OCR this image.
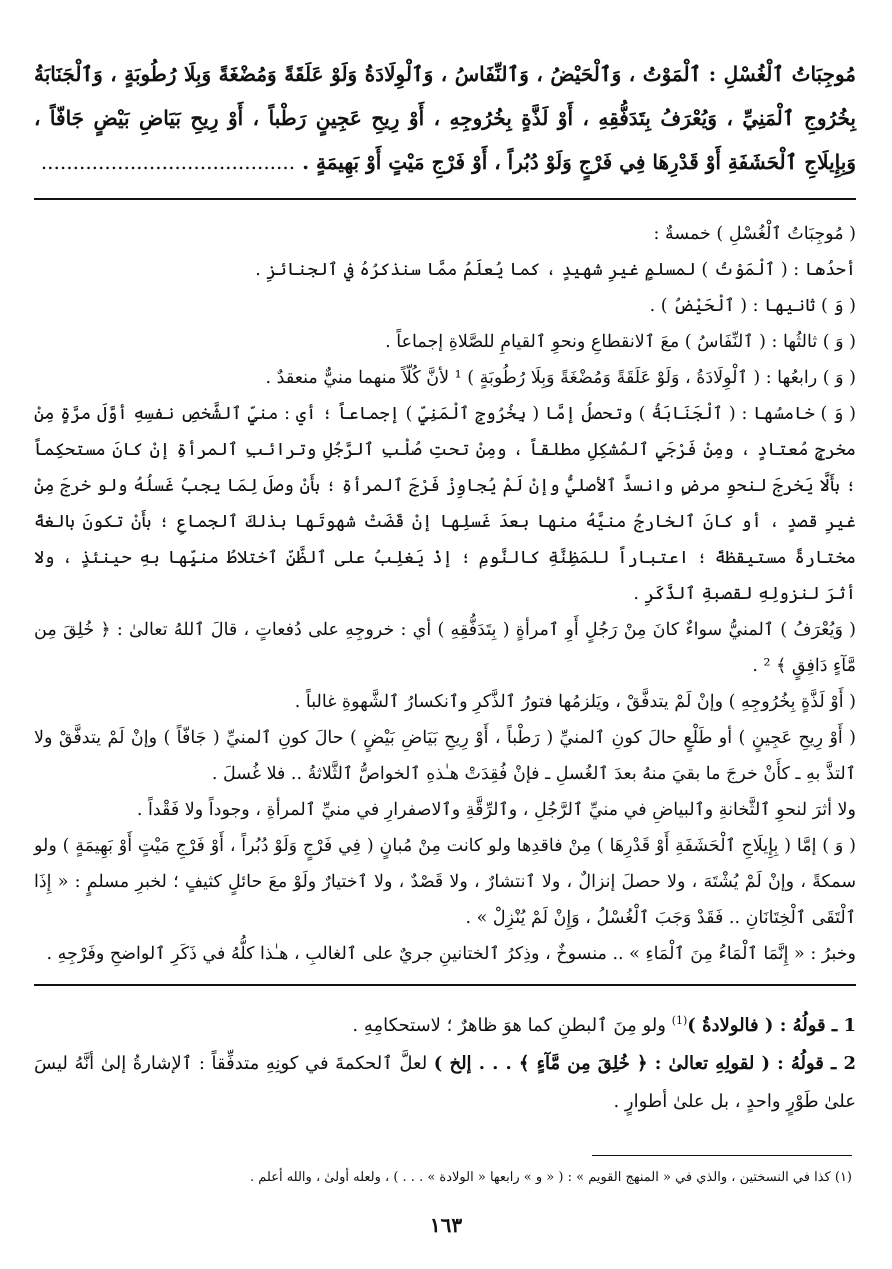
مُوجِبَاتُ ٱلْغُسْلِ : ٱلْمَوْتُ ، وَٱلْحَيْضُ ، وَٱلنِّفَاسُ ، وَٱلْوِلَادَةُ وَلَوْ عَلَقَةً وَمُضْغَةً وَبِلَا رُطُوبَةٍ ، وَٱلْجَنَابَةُ بِخُرُوجِ ٱلْمَنِيِّ ، وَيُعْرَفُ بِتَدَفُّقِهِ ، أَوْ لَذَّةٍ بِخُرُوجِهِ ، أَوْ رِيحِ عَجِينٍ رَطْباً ، أَوْ رِيحِ بَيَاضِ بَيْضٍ جَافّاً ، وَبِإِيلَاجِ ٱلْحَشَفَةِ أَوْ قَدْرِهَا فِي فَرْجٍ وَلَوْ دُبُراً ، أَوْ فَرْجِ مَيْتٍ أَوْ بَهِيمَةٍ . ........................................

( مُوجِبَاتُ ٱلْغُسْلِ ) خمسةٌ :

أحدُها : ( ٱلْمَوْتُ ) لمسلمٍ غيرِ شهيدٍ ، كما يُعلَمُ ممَّا سنذكرُهُ في ٱلجنائزِ .

( وَ ) ثانيها : ( ٱلْحَيْضُ ) .

( وَ ) ثالثُها : ( ٱلنِّفَاسُ ) معَ ٱلانقطاعِ ونحوِ ٱلقيامِ للصَّلاةِ إجماعاً .

( وَ ) رابعُها : ( ٱلْوِلَادَةُ ، وَلَوْ عَلَقَةً وَمُضْغَةً وَبِلَا رُطُوبَةٍ ) ¹ لأنَّ كُلّاً منهما منيٌّ منعقدٌ .

( وَ ) خامسُها : ( ٱلْجَنَابَةُ ) وتحصلُ إمَّا ( بِخُرُوجِ ٱلْمَنِيِّ ) إجماعاً ؛ أي : منيِّ ٱلشَّخصِ نفسِهِ أوَّلَ مرَّةٍ مِنْ مخرجٍ مُعتادٍ ، ومِنْ فَرْجَيِ ٱلمُشكِلِ مطلقاً ، ومِنْ تحتِ صُلْبِ ٱلرَّجُلِ وترائبِ ٱلمرأةِ إنْ كانَ مستحكِماً ؛ بأَلَّا يَخرجَ لنحوِ مرضٍ وانسدَّ ٱلأصليُّ وإنْ لَمْ يُجاوِزْ فَرْجَ ٱلمرأةِ ؛ بأَنْ وصلَ لِمَا يجبُ غَسلُهُ ولو خرجَ مِنْ غيرِ قصدٍ ، أو كانَ ٱلخارجُ منيَّهُ منها بعدَ غَسلِها إنْ قَضَتْ شهوتَها بذلكَ ٱلجماعِ ؛ بأَنْ تكونَ بالغةً مختارةً مستيقظةً ؛ اعتباراً للمَظِنَّةِ كالنَّومِ ؛ إذْ يَغلِبُ على ٱلظَّنِّ ٱختلاطُ منيِّها بهِ حينئذٍ ، ولا أثرَ لنزولِهِ لقصبةِ ٱلذَّكَرِ .

( وَيُعْرَفُ ) ٱلمنيُّ سواءٌ كانَ مِنْ رَجُلٍ أَوِ ٱمرأةٍ ( بِتَدَفُّقِهِ ) أي : خروجِهِ على دُفعاتٍ ، قالَ ٱللهُ تعالىٰ : ﴿ خُلِقَ مِن مَّآءٍ دَافِقٍ ﴾ ² .

( أَوْ لَذَّةٍ بِخُرُوجِهِ ) وإنْ لَمْ يتدفَّقْ ، ويَلزمُها فتورُ ٱلذَّكرِ وٱنكسارُ ٱلشَّهوةِ غالباً .

( أَوْ رِيحِ عَجِينٍ ) أو طَلْعٍ حالَ كونِ ٱلمنيِّ ( رَطْباً ، أَوْ رِيحِ بَيَاضِ بَيْضٍ ) حالَ كونِ ٱلمنيِّ ( جَافّاً ) وإنْ لَمْ يتدفَّقْ ولا ٱلتذَّ بهِ ـ كأَنْ خرجَ ما بقيَ منهُ بعدَ ٱلغُسلِ ـ فإنْ فُقِدَتْ هـٰذهِ ٱلخواصُّ ٱلثَّلاثةُ .. فلا غُسلَ .

ولا أثرَ لنحوِ ٱلثَّخانةِ وٱلبياضِ في منيِّ ٱلرَّجُلِ ، وٱلرِّقَّةِ وٱلاصفرارِ في منيِّ ٱلمرأةِ ، وجوداً ولا فَقْداً .

( وَ ) إمَّا ( بِإِيلَاجِ ٱلْحَشَفَةِ أَوْ قَدْرِهَا ) مِنْ فاقدِها ولو كانت مِنْ مُبانٍ ( فِي فَرْجٍ وَلَوْ دُبُراً ، أَوْ فَرْجِ مَيْتٍ أَوْ بَهِيمَةٍ ) ولو سمكةً ، وإنْ لَمْ يُشْتَهَ ، ولا حصلَ إنزالٌ ، ولا ٱنتشارٌ ، ولا قَصْدٌ ، ولا ٱختيارٌ ولَوْ معَ حائلٍ كثيفٍ ؛ لخبرِ مسلمٍ : « إِذَا ٱلْتَقَى ٱلْخِتَانَانِ .. فَقَدْ وَجَبَ ٱلْغُسْلُ ، وَإِنْ لَمْ يُنْزِلْ » .

وخبرُ : « إِنَّمَا ٱلْمَاءُ مِنَ ٱلْمَاءِ » .. منسوخٌ ، وذِكرُ ٱلختانينِ جريٌ على ٱلغالبِ ، هـٰذا كلُّهُ في ذَكَرِ ٱلواضحِ وفَرْجِهِ .

1 ـ قولُهُ : ( فالولادةُ )$^{(1)}$ ولو مِنَ ٱلبطنِ كما هوَ ظاهرٌ ؛ لاستحكامِهِ .

2 ـ قولُهُ : ( لقولِهِ تعالىٰ : ﴿ خُلِقَ مِن مَّآءٍ ﴾ . . . إلخ ) لعلَّ ٱلحكمةَ في كونِهِ متدفِّقاً : ٱلإشارةُ إلىٰ أنَّهُ ليسَ علىٰ طَوْرٍ واحدٍ ، بل علىٰ أطوارٍ .

(١) كذا في النسختين ، والذي في « المنهج القويم » : ( « و » رابعها « الولادة » . . . ) ، ولعله أولىٰ ، والله أعلم .

١٦٣
